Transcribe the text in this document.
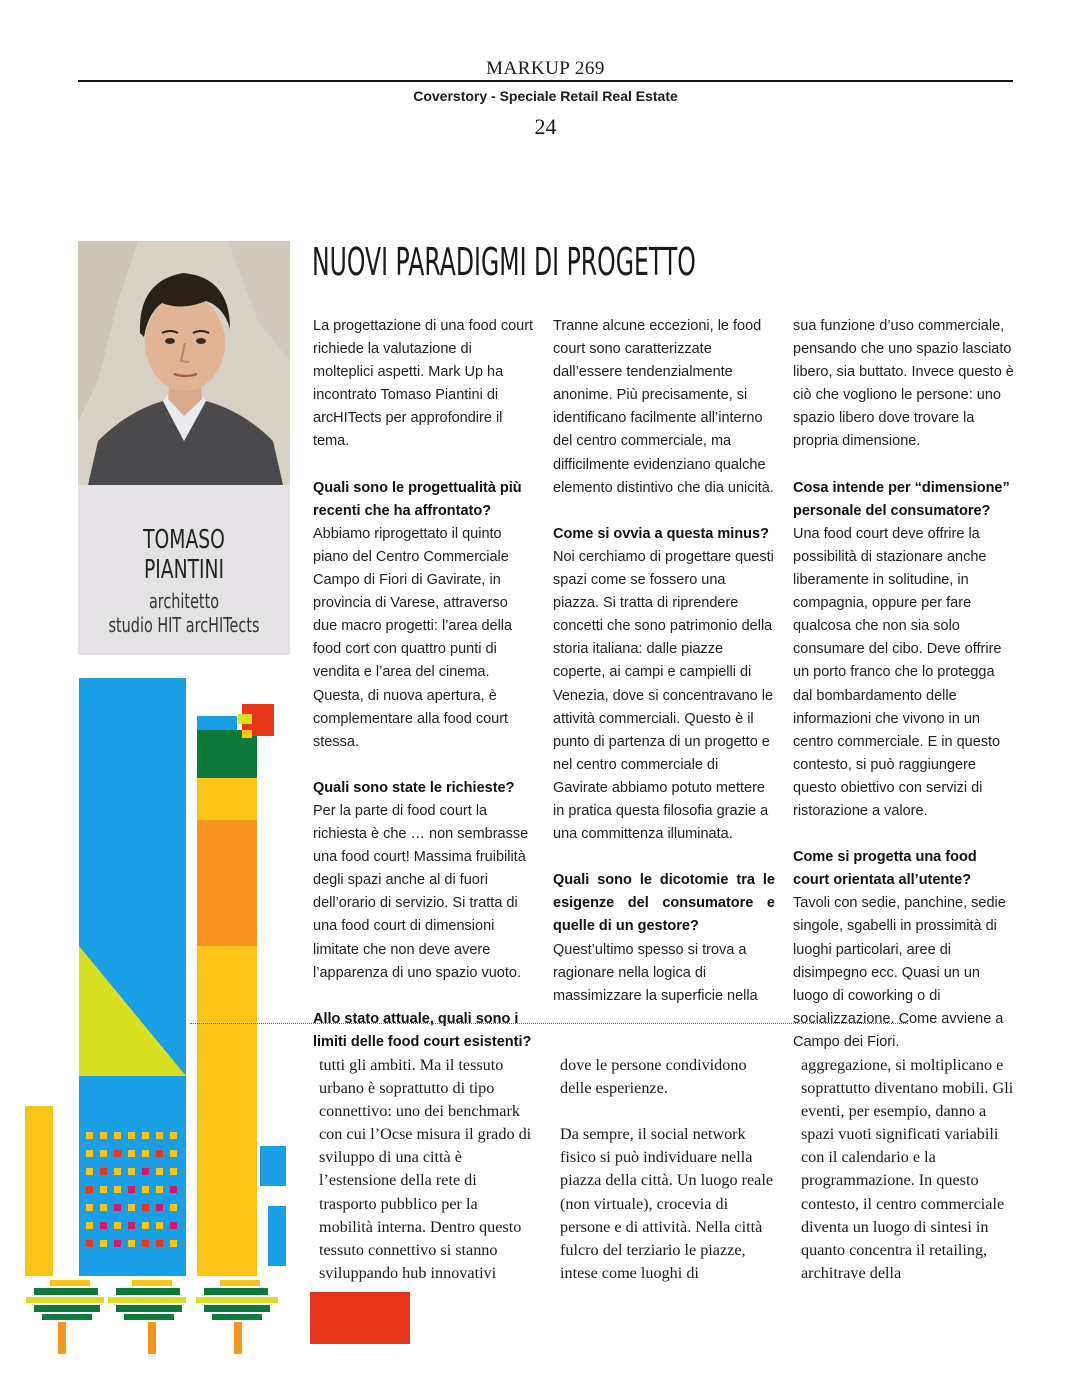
MARKUP 269
Coverstory - Speciale Retail Real Estate
24
TOMASO PIANTINI
architetto
studio HIT arcHITects
NUOVI PARADIGMI DI PROGETTO

La progettazione di una food court richiede la valutazione di molteplici aspetti. Mark Up ha incontrato Tomaso Piantini di arcHITects per approfondire il tema.

Quali sono le progettualità più recenti che ha affrontato?

Abbiamo riprogettato il quinto piano del Centro Commerciale Campo di Fiori di Gavirate, in provincia di Varese, attraverso due macro progetti: l’area della food cort con quattro punti di vendita e l’area del cinema. Questa, di nuova apertura, è complementare alla food court stessa.

Quali sono state le richieste?

Per la parte di food court la richiesta è che … non sembrasse una food court! Massima fruibilità degli spazi anche al di fuori dell’orario di servizio. Si tratta di una food court di dimensioni limitate che non deve avere l’apparenza di uno spazio vuoto.

Allo stato attuale, quali sono i limiti delle food court esistenti?

Tranne alcune eccezioni, le food court sono caratterizzate dall’essere tendenzialmente anonime. Più precisamente, si identificano facilmente all’interno del centro commerciale, ma difficilmente evidenziano qualche elemento distintivo che dia unicità.

Come si ovvia a questa minus?

Noi cerchiamo di progettare questi spazi come se fossero una piazza. Si tratta di riprendere concetti che sono patrimonio della storia italiana: dalle piazze coperte, ai campi e campielli di Venezia, dove si concentravano le attività commerciali. Questo è il punto di partenza di un progetto e nel centro commerciale di Gavirate abbiamo potuto mettere in pratica questa filosofia grazie a una committenza illuminata.

Quali sono le dicotomie tra le esigenze del consumatore e quelle di un gestore?

Quest’ultimo spesso si trova a ragionare nella logica di massimizzare la superficie nella

sua funzione d’uso commerciale, pensando che uno spazio lasciato libero, sia buttato. Invece questo è ciò che vogliono le persone: uno spazio libero dove trovare la propria dimensione.

Cosa intende per “dimensione” personale del consumatore?

Una food court deve offrire la possibilità di stazionare anche liberamente in solitudine, in compagnia, oppure per fare qualcosa che non sia solo consumare del cibo. Deve offrire un porto franco che lo protegga dal bombardamento delle informazioni che vivono in un centro commerciale. E in questo contesto, si può raggiungere questo obiettivo con servizi di ristorazione a valore.

Come si progetta una food court orientata all’utente?

Tavoli con sedie, panchine, sedie singole, sgabelli in prossimità di luoghi particolari, aree di disimpegno ecc. Quasi un un luogo di coworking o di socializzazione. Come avviene a Campo dei Fiori.

tutti gli ambiti. Ma il tessuto urbano è soprattutto di tipo connettivo: uno dei benchmark con cui l’Ocse misura il grado di sviluppo di una città è l’estensione della rete di trasporto pubblico per la mobilità interna. Dentro questo tessuto connettivo si stanno sviluppando hub innovativi

dove le persone condividono delle esperienze.

Da sempre, il social network fisico si può individuare nella piazza della città. Un luogo reale (non virtuale), crocevia di persone e di attività. Nella città fulcro del terziario le piazze, intese come luoghi di

aggregazione, si moltiplicano e soprattutto diventano mobili. Gli eventi, per esempio, danno a spazi vuoti significati variabili con il calendario e la programmazione. In questo contesto, il centro commerciale diventa un luogo di sintesi in quanto concentra il retailing, architrave della
